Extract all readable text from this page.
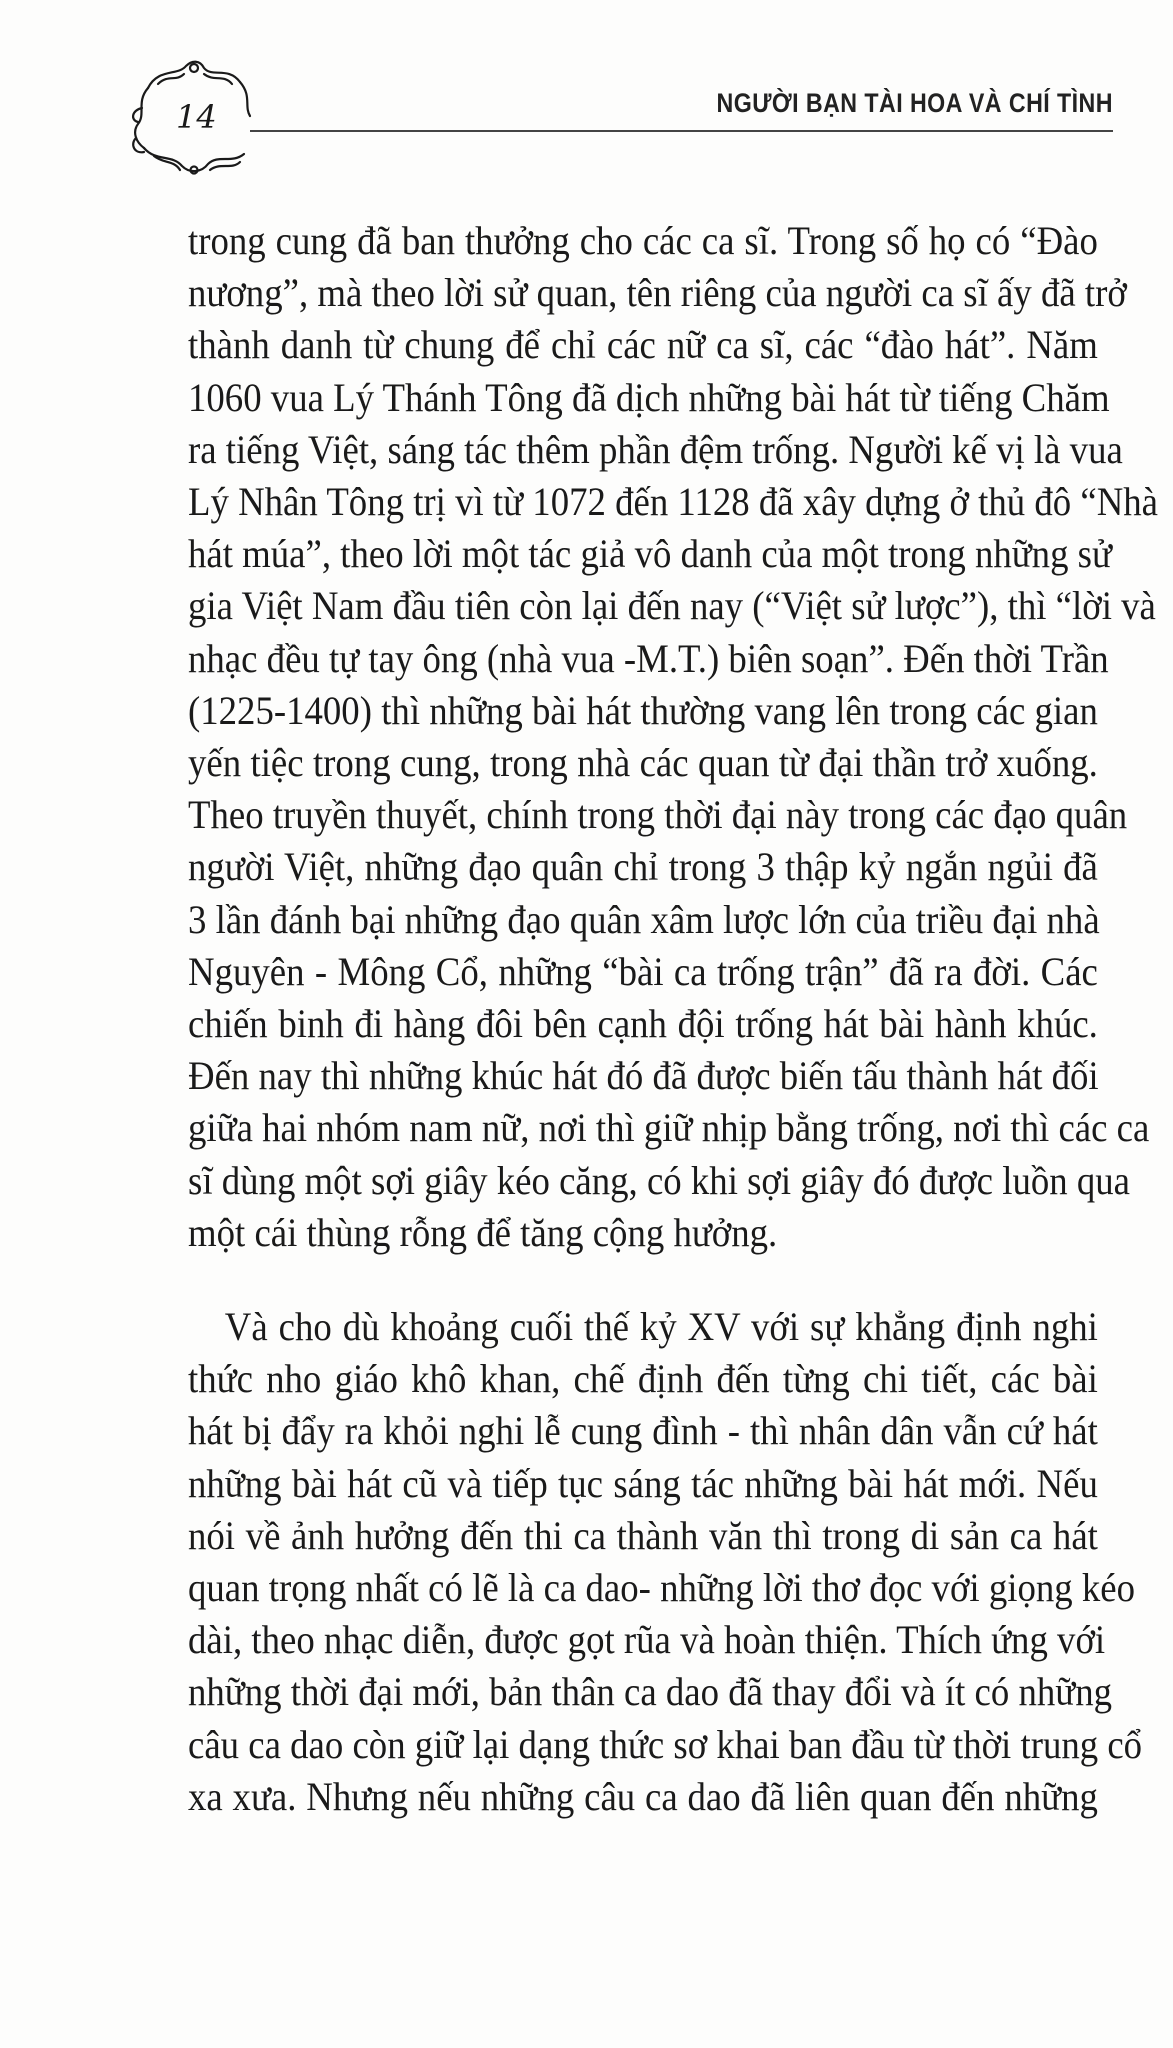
14	NGƯỜI BẠN TÀI HOA VÀ CHÍ TÌNH
trong cung đã ban thưởng cho các ca sĩ. Trong số họ có “Đào
nương”, mà theo lời sử quan, tên riêng của người ca sĩ ấy đã trở
thành danh từ chung để chỉ các nữ ca sĩ, các “đào hát”. Năm
1060 vua Lý Thánh Tông đã dịch những bài hát từ tiếng Chăm
ra tiếng Việt, sáng tác thêm phần đệm trống. Người kế vị là vua
Lý Nhân Tông trị vì từ 1072 đến 1128 đã xây dựng ở thủ đô “Nhà
hát múa”, theo lời một tác giả vô danh của một trong những sử
gia Việt Nam đầu tiên còn lại đến nay (“Việt sử lược”), thì “lời và
nhạc đều tự tay ông (nhà vua -M.T.) biên soạn”. Đến thời Trần
(1225-1400) thì những bài hát thường vang lên trong các gian
yến tiệc trong cung, trong nhà các quan từ đại thần trở xuống.
Theo truyền thuyết, chính trong thời đại này trong các đạo quân
người Việt, những đạo quân chỉ trong 3 thập kỷ ngắn ngủi đã
3 lần đánh bại những đạo quân xâm lược lớn của triều đại nhà
Nguyên - Mông Cổ, những “bài ca trống trận” đã ra đời. Các
chiến binh đi hàng đôi bên cạnh đội trống hát bài hành khúc.
Đến nay thì những khúc hát đó đã được biến tấu thành hát đối
giữa hai nhóm nam nữ, nơi thì giữ nhịp bằng trống, nơi thì các ca
sĩ dùng một sợi giây kéo căng, có khi sợi giây đó được luồn qua
một cái thùng rỗng để tăng cộng hưởng.
Và cho dù khoảng cuối thế kỷ XV với sự khẳng định nghi
thức nho giáo khô khan, chế định đến từng chi tiết, các bài
hát bị đẩy ra khỏi nghi lễ cung đình - thì nhân dân vẫn cứ hát
những bài hát cũ và tiếp tục sáng tác những bài hát mới. Nếu
nói về ảnh hưởng đến thi ca thành văn thì trong di sản ca hát
quan trọng nhất có lẽ là ca dao- những lời thơ đọc với giọng kéo
dài, theo nhạc diễn, được gọt rũa và hoàn thiện. Thích ứng với
những thời đại mới, bản thân ca dao đã thay đổi và ít có những
câu ca dao còn giữ lại dạng thức sơ khai ban đầu từ thời trung cổ
xa xưa. Nhưng nếu những câu ca dao đã liên quan đến những
